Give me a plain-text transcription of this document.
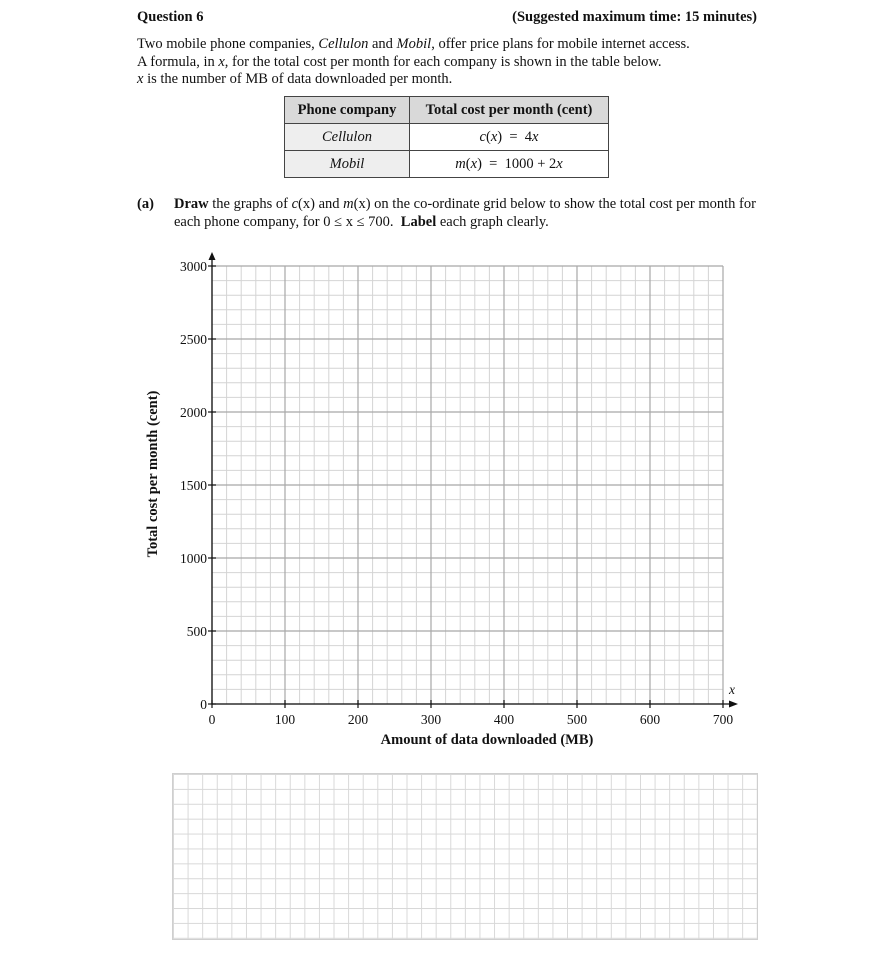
Question 6	(Suggested maximum time: 15 minutes)

Two mobile phone companies, Cellulon and Mobil, offer price plans for mobile internet access.

A formula, in x, for the total cost per month for each company is shown in the table below.

x is the number of MB of data downloaded per month.

Phone company	Total cost per month (cent)
Cellulon	c(x)  =  4x
Mobil	m(x)  =  1000 + 2x
(a) Draw the graphs of c(x) and m(x) on the co-ordinate grid below to show the total cost per month for each phone company, for 0 ≤ x ≤ 700. Label each graph clearly.
0	100	200	300	400	500	600	700
0
500
1000
1500
2000
2500
3000
Amount of data downloaded (MB)
Total cost per month (cent)
x
